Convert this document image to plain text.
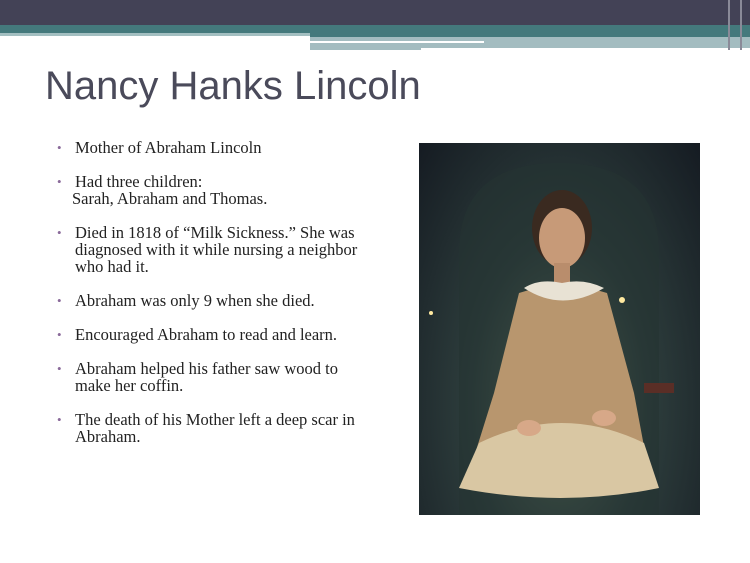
Nancy Hanks Lincoln
• Mother of Abraham Lincoln
• Had three children:
Sarah, Abraham and Thomas.
• Died in 1818 of “Milk Sickness.” She was diagnosed with it while nursing a neighbor who had it.
• Abraham was only 9 when she died.
• Encouraged Abraham to read and learn.
• Abraham helped his father saw wood to make her coffin.
• The death of his Mother left a deep scar in Abraham.
